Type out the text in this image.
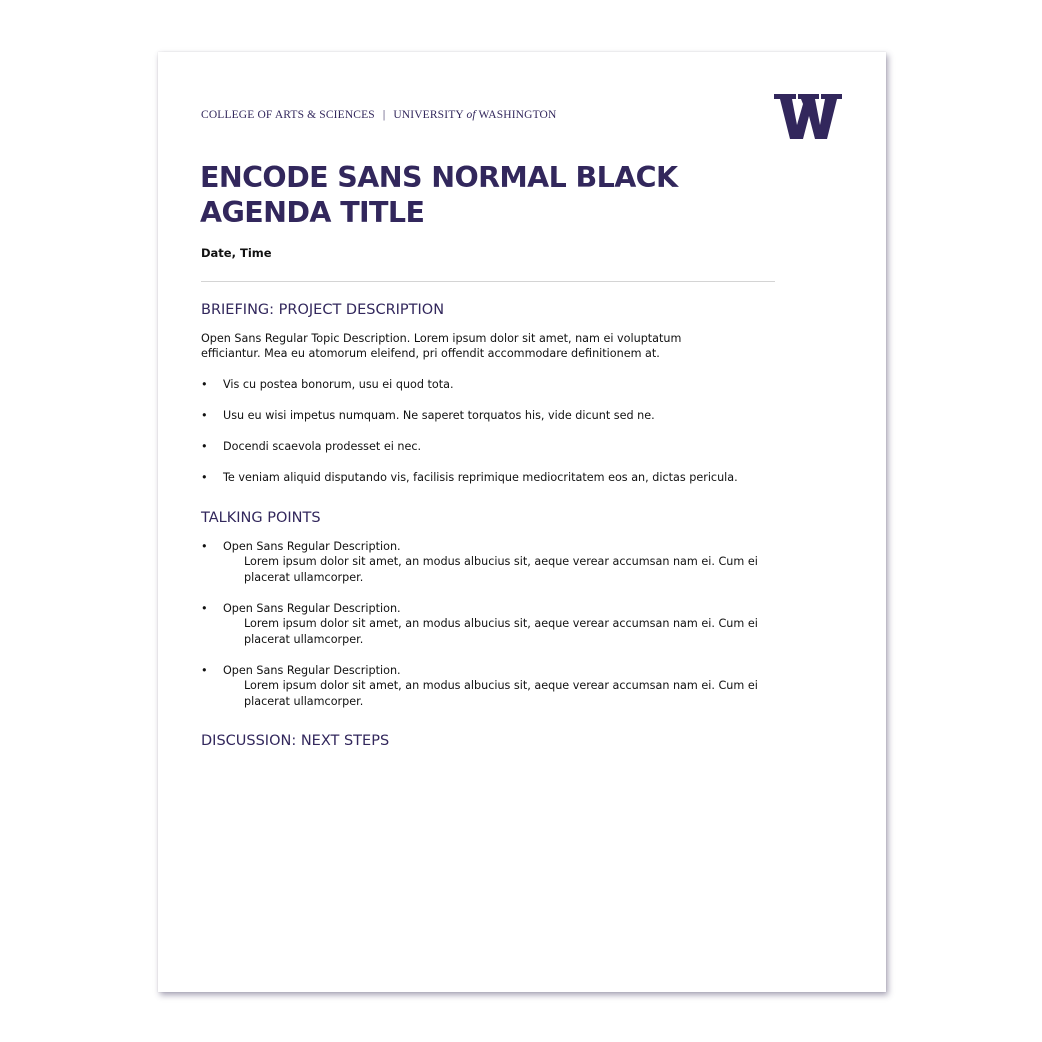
COLLEGE OF ARTS & SCIENCES | UNIVERSITY of WASHINGTON
ENCODE SANS NORMAL BLACK
AGENDA TITLE
Date, Time
BRIEFING: PROJECT DESCRIPTION

Open Sans Regular Topic Description. Lorem ipsum dolor sit amet, nam ei voluptatum efficiantur. Mea eu atomorum eleifend, pri offendit accommodare definitionem at.

• Vis cu postea bonorum, usu ei quod tota.
• Usu eu wisi impetus numquam. Ne saperet torquatos his, vide dicunt sed ne.
• Docendi scaevola prodesset ei nec.
• Te veniam aliquid disputando vis, facilisis reprimique mediocritatem eos an, dictas pericula.
TALKING POINTS
• Open Sans Regular Description.
Lorem ipsum dolor sit amet, an modus albucius sit, aeque verear accumsan nam ei. Cum ei placerat ullamcorper.
• Open Sans Regular Description.
Lorem ipsum dolor sit amet, an modus albucius sit, aeque verear accumsan nam ei. Cum ei placerat ullamcorper.
• Open Sans Regular Description.
Lorem ipsum dolor sit amet, an modus albucius sit, aeque verear accumsan nam ei. Cum ei placerat ullamcorper.
DISCUSSION: NEXT STEPS
